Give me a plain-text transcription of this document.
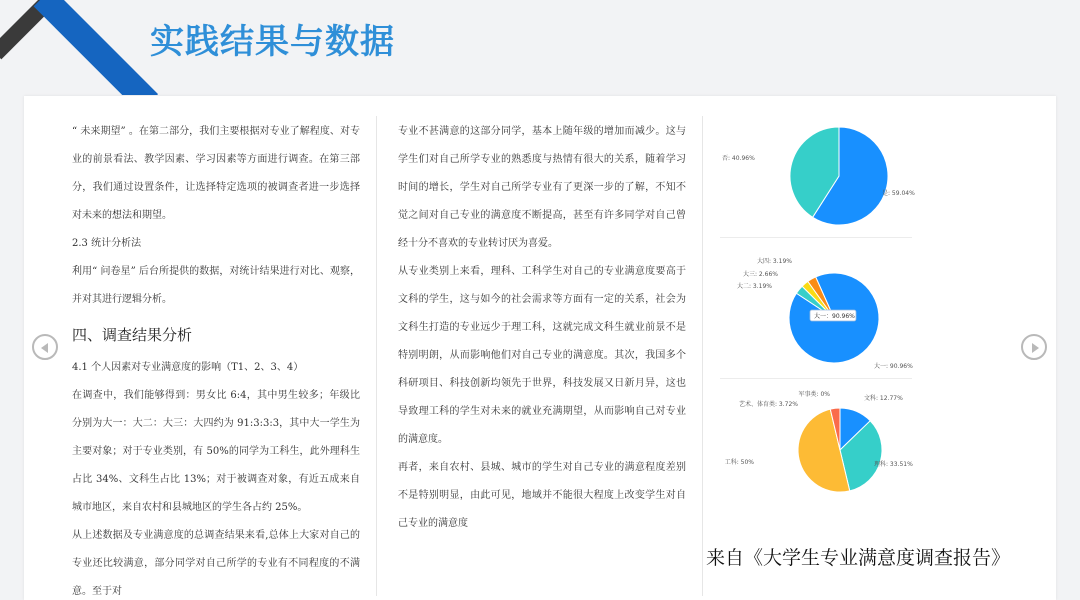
实践结果与数据

“ 未来期望” 。在第二部分，我们主要根据对专业了解程度、对专业的前景看法、教学因素、学习因素等方面进行调查。在第三部分，我们通过设置条件，让选择特定选项的被调查者进一步选择对未来的想法和期望。

2.3 统计分析法

利用“ 问卷星” 后台所提供的数据，对统计结果进行对比、观察，并对其进行逻辑分析。

四、调查结果分析

4.1 个人因素对专业满意度的影响（T1、2、3、4）

在调查中，我们能够得到：男女比 6:4，其中男生较多；年级比分别为大一：大二：大三：大四约为 91:3:3:3，其中大一学生为主要对象；对于专业类别，有 50%的同学为工科生，此外理科生占比 34%、文科生占比 13%；对于被调查对象，有近五成来自城市地区，来自农村和县城地区的学生各占约 25%。

从上述数据及专业满意度的总调查结果来看,总体上大家对自己的专业还比较满意，部分同学对自己所学的专业有不同程度的不满意。至于对

专业不甚满意的这部分同学，基本上随年级的增加而减少。这与学生们对自己所学专业的熟悉度与热情有很大的关系，随着学习时间的增长，学生对自己所学专业有了更深一步的了解，不知不觉之间对自己专业的满意度不断提高，甚至有许多同学对自己曾经十分不喜欢的专业转讨厌为喜爱。

从专业类别上来看，理科、工科学生对自己的专业满意度要高于文科的学生，这与如今的社会需求等方面有一定的关系，社会为文科生打造的专业远少于理工科，这就完成文科生就业前景不是特别明朗，从而影响他们对自己专业的满意度。其次，我国多个科研项目、科技创新均领先于世界，科技发展又日新月异，这也导致理工科的学生对未来的就业充满期望，从而影响自己对专业的满意度。

再者，来自农村、县城、城市的学生对自己专业的满意程度差别不是特别明显，由此可见，地域并不能很大程度上改变学生对自己专业的满意度

是: 59.04%
否: 40.96%
大一: 90.96%
大二: 3.19%
大三: 2.66%
大四: 3.19%
大一：90.96%
文科: 12.77%
理科: 33.51%
工科: 50%
艺术、体育类: 3.72%
军事类: 0%
来自《大学生专业满意度调查报告》
